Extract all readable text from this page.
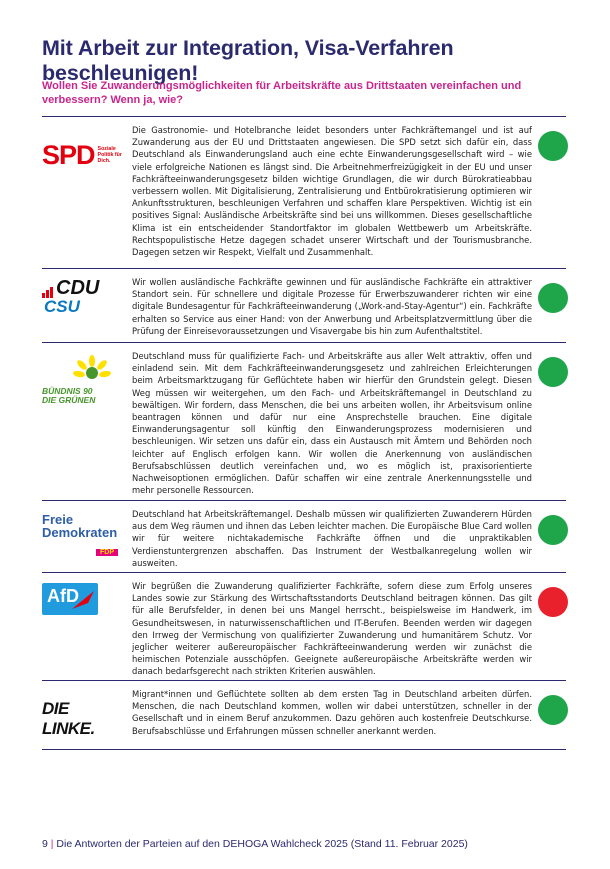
Mit Arbeit zur Integration, Visa-Verfahren beschleunigen!
Wollen Sie Zuwanderungsmöglichkeiten für Arbeitskräfte aus Drittstaaten vereinfachen und verbessern? Wenn ja, wie?
SPD Soziale
Politik für
Dich.
Die Gastronomie- und Hotelbranche leidet besonders unter Fachkräftemangel und ist auf Zuwanderung aus der EU und Drittstaaten angewiesen. Die SPD setzt sich dafür ein, dass Deutschland als Einwanderungsland auch eine echte Einwanderungsgesellschaft wird – wie viele erfolgreiche Nationen es längst sind. Die Arbeitnehmerfreizügigkeit in der EU und unser Fachkräfteeinwanderungsgesetz bilden wichtige Grundlagen, die wir durch Bürokratieabbau verbessern wollen. Mit Digitalisierung, Zentralisierung und Entbürokratisierung optimieren wir Ankunftsstrukturen, beschleunigen Verfahren und schaffen klare Perspektiven. Wichtig ist ein positives Signal: Ausländische Arbeitskräfte sind bei uns willkommen. Dieses gesellschaftliche Klima ist ein entscheidender Standortfaktor im globalen Wettbewerb um Arbeitskräfte. Rechtspopulistische Hetze dagegen schadet unserer Wirtschaft und der Tourismusbranche. Dagegen setzen wir Respekt, Vielfalt und Zusammenhalt.
CDU
CSU
Wir wollen ausländische Fachkräfte gewinnen und für ausländische Fachkräfte ein attraktiver Standort sein. Für schnellere und digitale Prozesse für Erwerbszuwanderer richten wir eine digitale Bundesagentur für Fachkräfteeinwanderung („Work-and-Stay-Agentur“) ein. Fachkräfte erhalten so Service aus einer Hand: von der Anwerbung und Arbeitsplatzvermittlung über die Prüfung der Einreisevoraussetzungen und Visavergabe bis hin zum Aufenthaltstitel.
BÜNDNIS 90
DIE GRÜNEN
Deutschland muss für qualifizierte Fach- und Arbeitskräfte aus aller Welt attraktiv, offen und einladend sein. Mit dem Fachkräfteeinwanderungsgesetz und zahlreichen Erleichterungen beim Arbeitsmarktzugang für Geflüchtete haben wir hierfür den Grundstein gelegt. Diesen Weg müssen wir weitergehen, um den Fach- und Arbeitskräftemangel in Deutschland zu bewältigen. Wir fordern, dass Menschen, die bei uns arbeiten wollen, ihr Arbeitsvisum online beantragen können und dafür nur eine Ansprechstelle brauchen. Eine digitale Einwanderungsagentur soll künftig den Einwanderungsprozess modernisieren und beschleunigen. Wir setzen uns dafür ein, dass ein Austausch mit Ämtern und Behörden noch leichter auf Englisch erfolgen kann. Wir wollen die Anerkennung von ausländischen Berufsabschlüssen deutlich vereinfachen und, wo es möglich ist, praxisorientierte Nachweisoptionen ermöglichen. Dafür schaffen wir eine zentrale Anerkennungsstelle und mehr personelle Ressourcen.
Freie
Demokraten
FDP
Deutschland hat Arbeitskräftemangel. Deshalb müssen wir qualifizierten Zuwanderern Hürden aus dem Weg räumen und ihnen das Leben leichter machen. Die Europäische Blue Card wollen wir für weitere nichtakademische Fachkräfte öffnen und die unpraktikablen Verdienstuntergrenzen abschaffen. Das Instrument der Westbalkanregelung wollen wir ausweiten.
AfD	Wir begrüßen die Zuwanderung qualifizierter Fachkräfte, sofern diese zum Erfolg unseres Landes sowie zur Stärkung des Wirtschaftsstandorts Deutschland beitragen können. Das gilt für alle Berufsfelder, in denen bei uns Mangel herrscht., beispielsweise im Handwerk, im Gesundheitswesen, in naturwissenschaftlichen und IT-Berufen. Beenden werden wir dagegen den Irrweg der Vermischung von qualifizierter Zuwanderung und humanitärem Schutz. Vor jeglicher weiterer außereuropäischer Fachkräfteeinwanderung werden wir zunächst die heimischen Potenziale ausschöpfen. Geeignete außereuropäische Arbeitskräfte werden wir danach bedarfsgerecht nach strikten Kriterien auswählen.
DIE LINKE.
Migrant*innen und Geflüchtete sollten ab dem ersten Tag in Deutschland arbeiten dürfen. Menschen, die nach Deutschland kommen, wollen wir dabei unterstützen, schneller in der Gesellschaft und in einem Beruf anzukommen. Dazu gehören auch kostenfreie Deutschkurse. Berufsabschlüsse und Erfahrungen müssen schneller anerkannt werden.
9 | Die Antworten der Parteien auf den DEHOGA Wahlcheck 2025 (Stand 11. Februar 2025)
